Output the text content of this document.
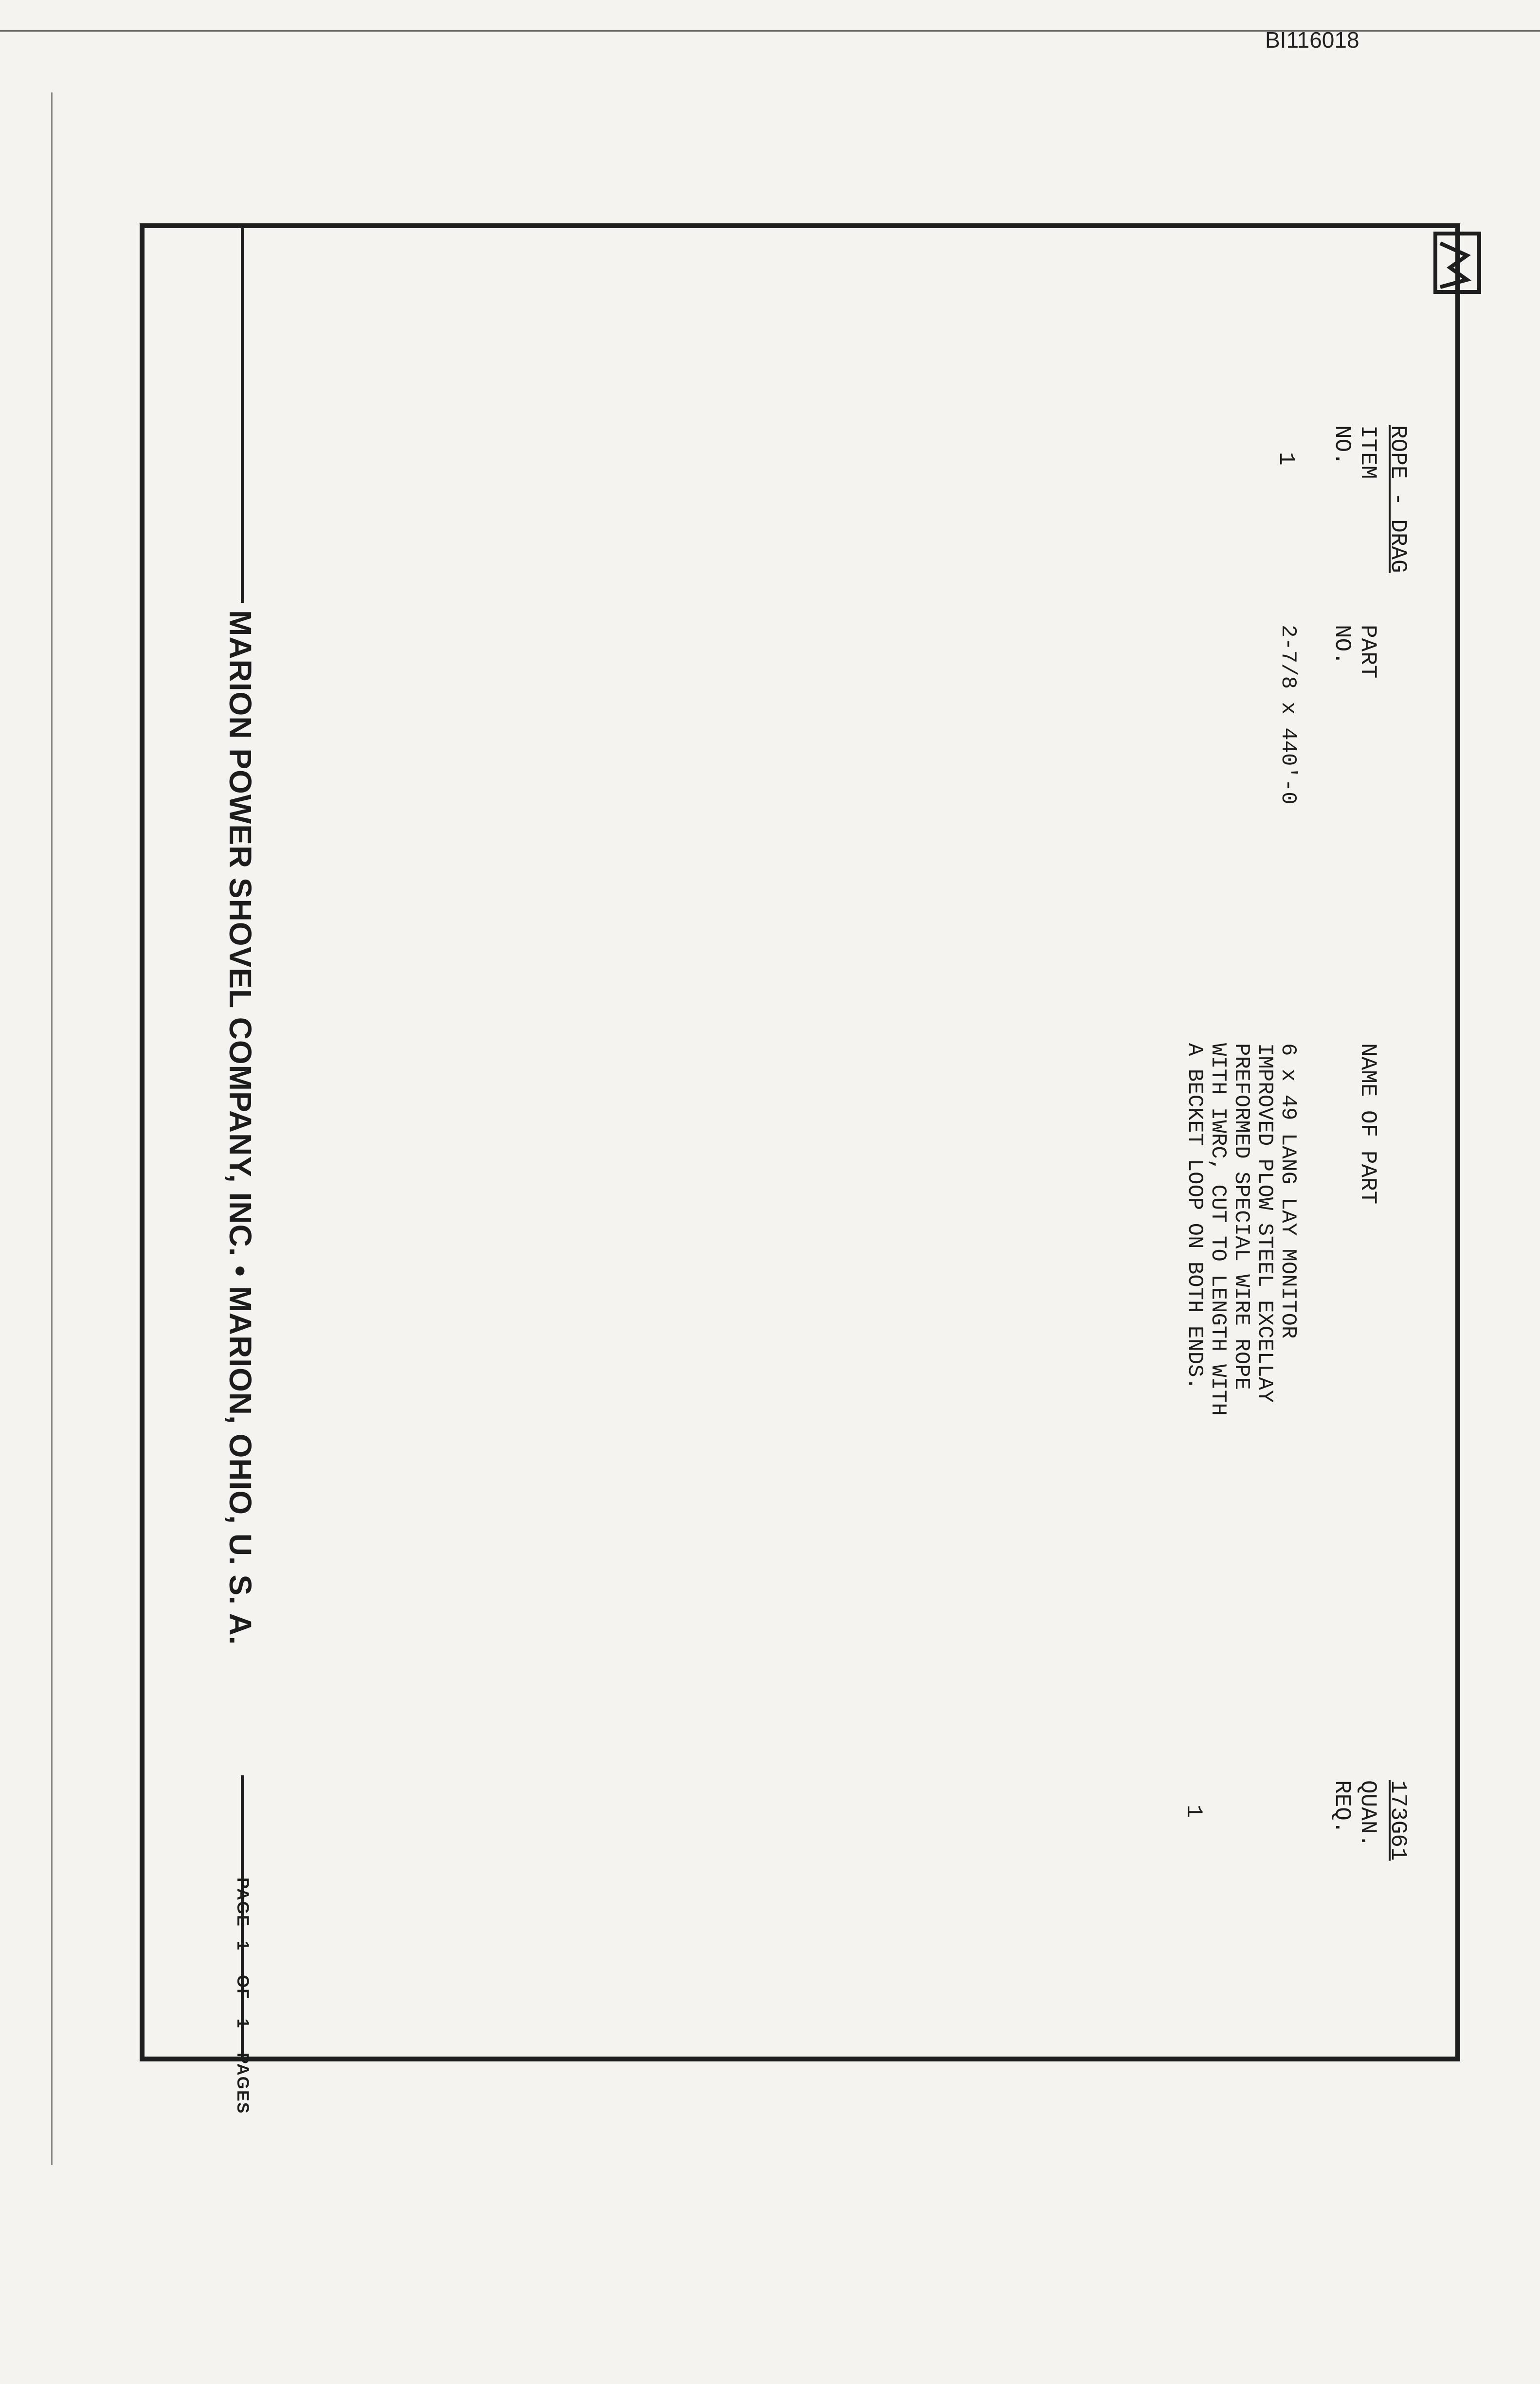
BI116018
ROPE - DRAG
173G61
ITEM
NO.
PART
NO.
NAME OF PART
QUAN.
REQ.
1
2-7/8 x 440'-0
6 x 49 LANG LAY MONITOR
IMPROVED PLOW STEEL EXCELLAY
PREFORMED SPECIAL WIRE ROPE
WITH IWRC, CUT TO LENGTH WITH
A BECKET LOOP ON BOTH ENDS.
1
MARION POWER SHOVEL COMPANY, INC. • MARION, OHIO, U. S. A.
PAGE
1
OF
1
PAGES
